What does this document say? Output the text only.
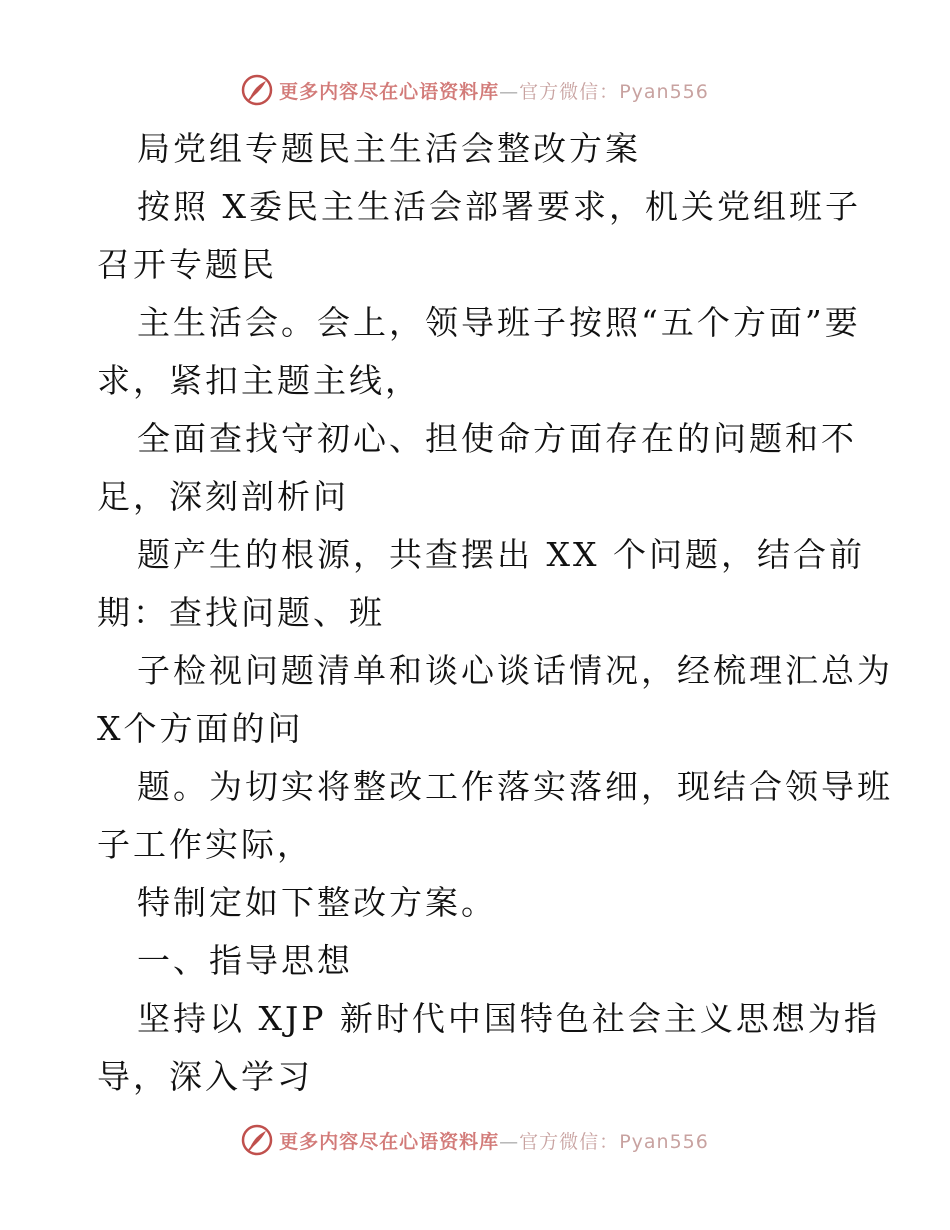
更多内容尽在心语资料库—官方微信：Pyan556
局党组专题民主生活会整改方案
按照 X委民主生活会部署要求，机关党组班子
召开专题民
主生活会。会上，领导班子按照“五个方面”要
求，紧扣主题主线，
全面查找守初心、担使命方面存在的问题和不
足，深刻剖析问
题产生的根源，共查摆出 XX 个问题，结合前
期：查找问题、班
子检视问题清单和谈心谈话情况，经梳理汇总为
X个方面的问
题。为切实将整改工作落实落细，现结合领导班
子工作实际，
特制定如下整改方案。
一、指导思想
坚持以 XJP 新时代中国特色社会主义思想为指
导，深入学习
更多内容尽在心语资料库—官方微信：Pyan556
